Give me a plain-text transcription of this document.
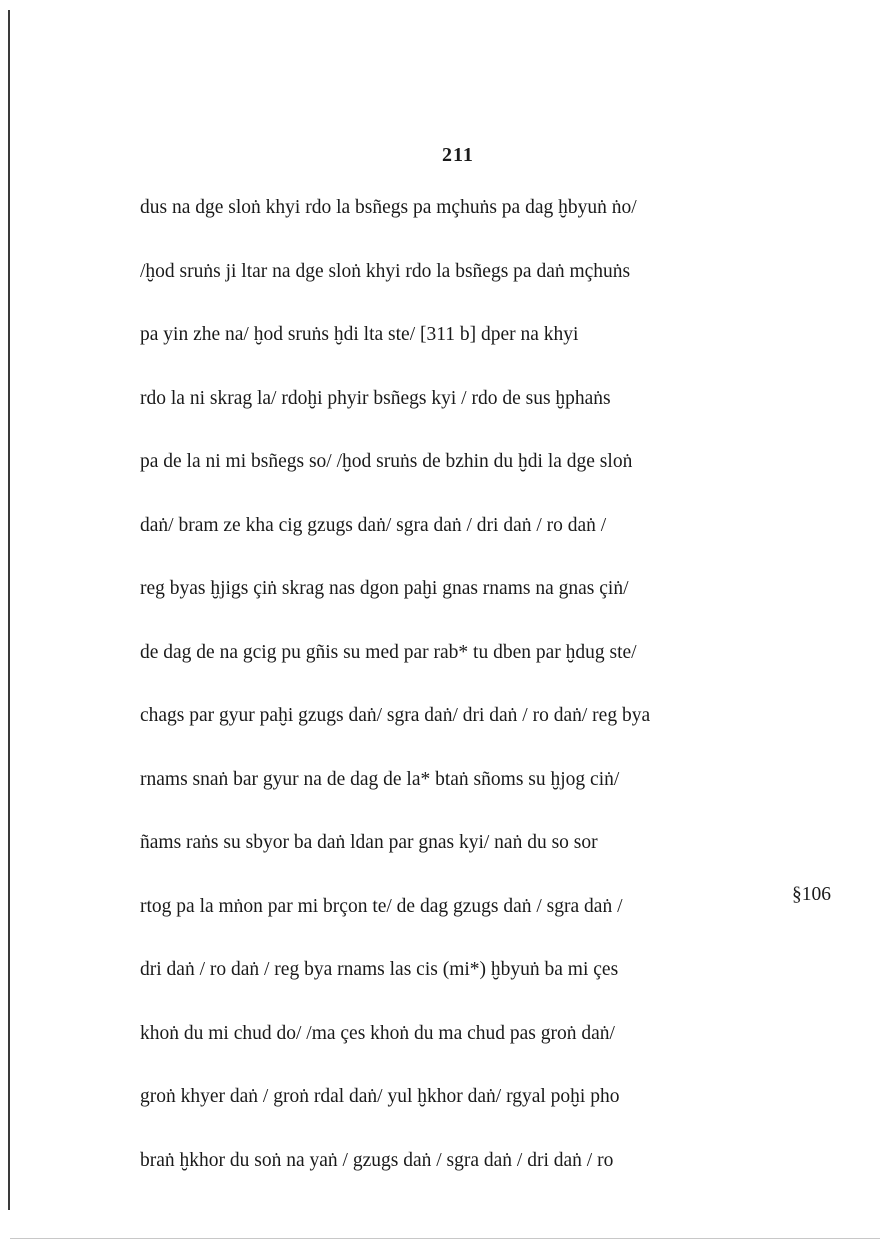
211
dus na dge sloṅ khyi rdo la bsñegs pa mçhuṅs pa dag ḫbyuṅ ṅo/
/ḫod sruṅs ji ltar na dge sloṅ khyi rdo la bsñegs pa daṅ mçhuṅs
pa yin zhe na/ ḫod sruṅs ḫdi lta ste/ [311 b] dper na khyi
rdo la ni skrag la/ rdoḫi phyir bsñegs kyi / rdo de sus ḫphaṅs
pa de la ni mi bsñegs so/ /ḫod sruṅs de bzhin du ḫdi la dge sloṅ
daṅ/ bram ze kha cig gzugs daṅ/ sgra daṅ / dri daṅ / ro daṅ /
reg byas ḫjigs çiṅ skrag nas dgon paḫi gnas rnams na gnas çiṅ/
de dag de na gcig pu gñis su med par rab* tu dben par ḫdug ste/
chags par gyur paḫi gzugs daṅ/ sgra daṅ/ dri daṅ / ro daṅ/ reg bya
rnams snaṅ bar gyur na de dag de la* btaṅ sñoms su ḫjog ciṅ/
ñams raṅs su sbyor ba daṅ ldan par gnas kyi/ naṅ du so sor
rtog pa la mṅon par mi brçon te/ de dag gzugs daṅ / sgra daṅ /
dri daṅ / ro daṅ / reg bya rnams las cis (mi*) ḫbyuṅ ba mi çes
khoṅ du mi chud do/ /ma çes khoṅ du ma chud pas groṅ daṅ/
groṅ khyer daṅ / groṅ rdal daṅ/ yul ḫkhor daṅ/ rgyal poḫi pho
braṅ ḫkhor du soṅ na yaṅ / gzugs daṅ / sgra daṅ / dri daṅ / ro
§106
